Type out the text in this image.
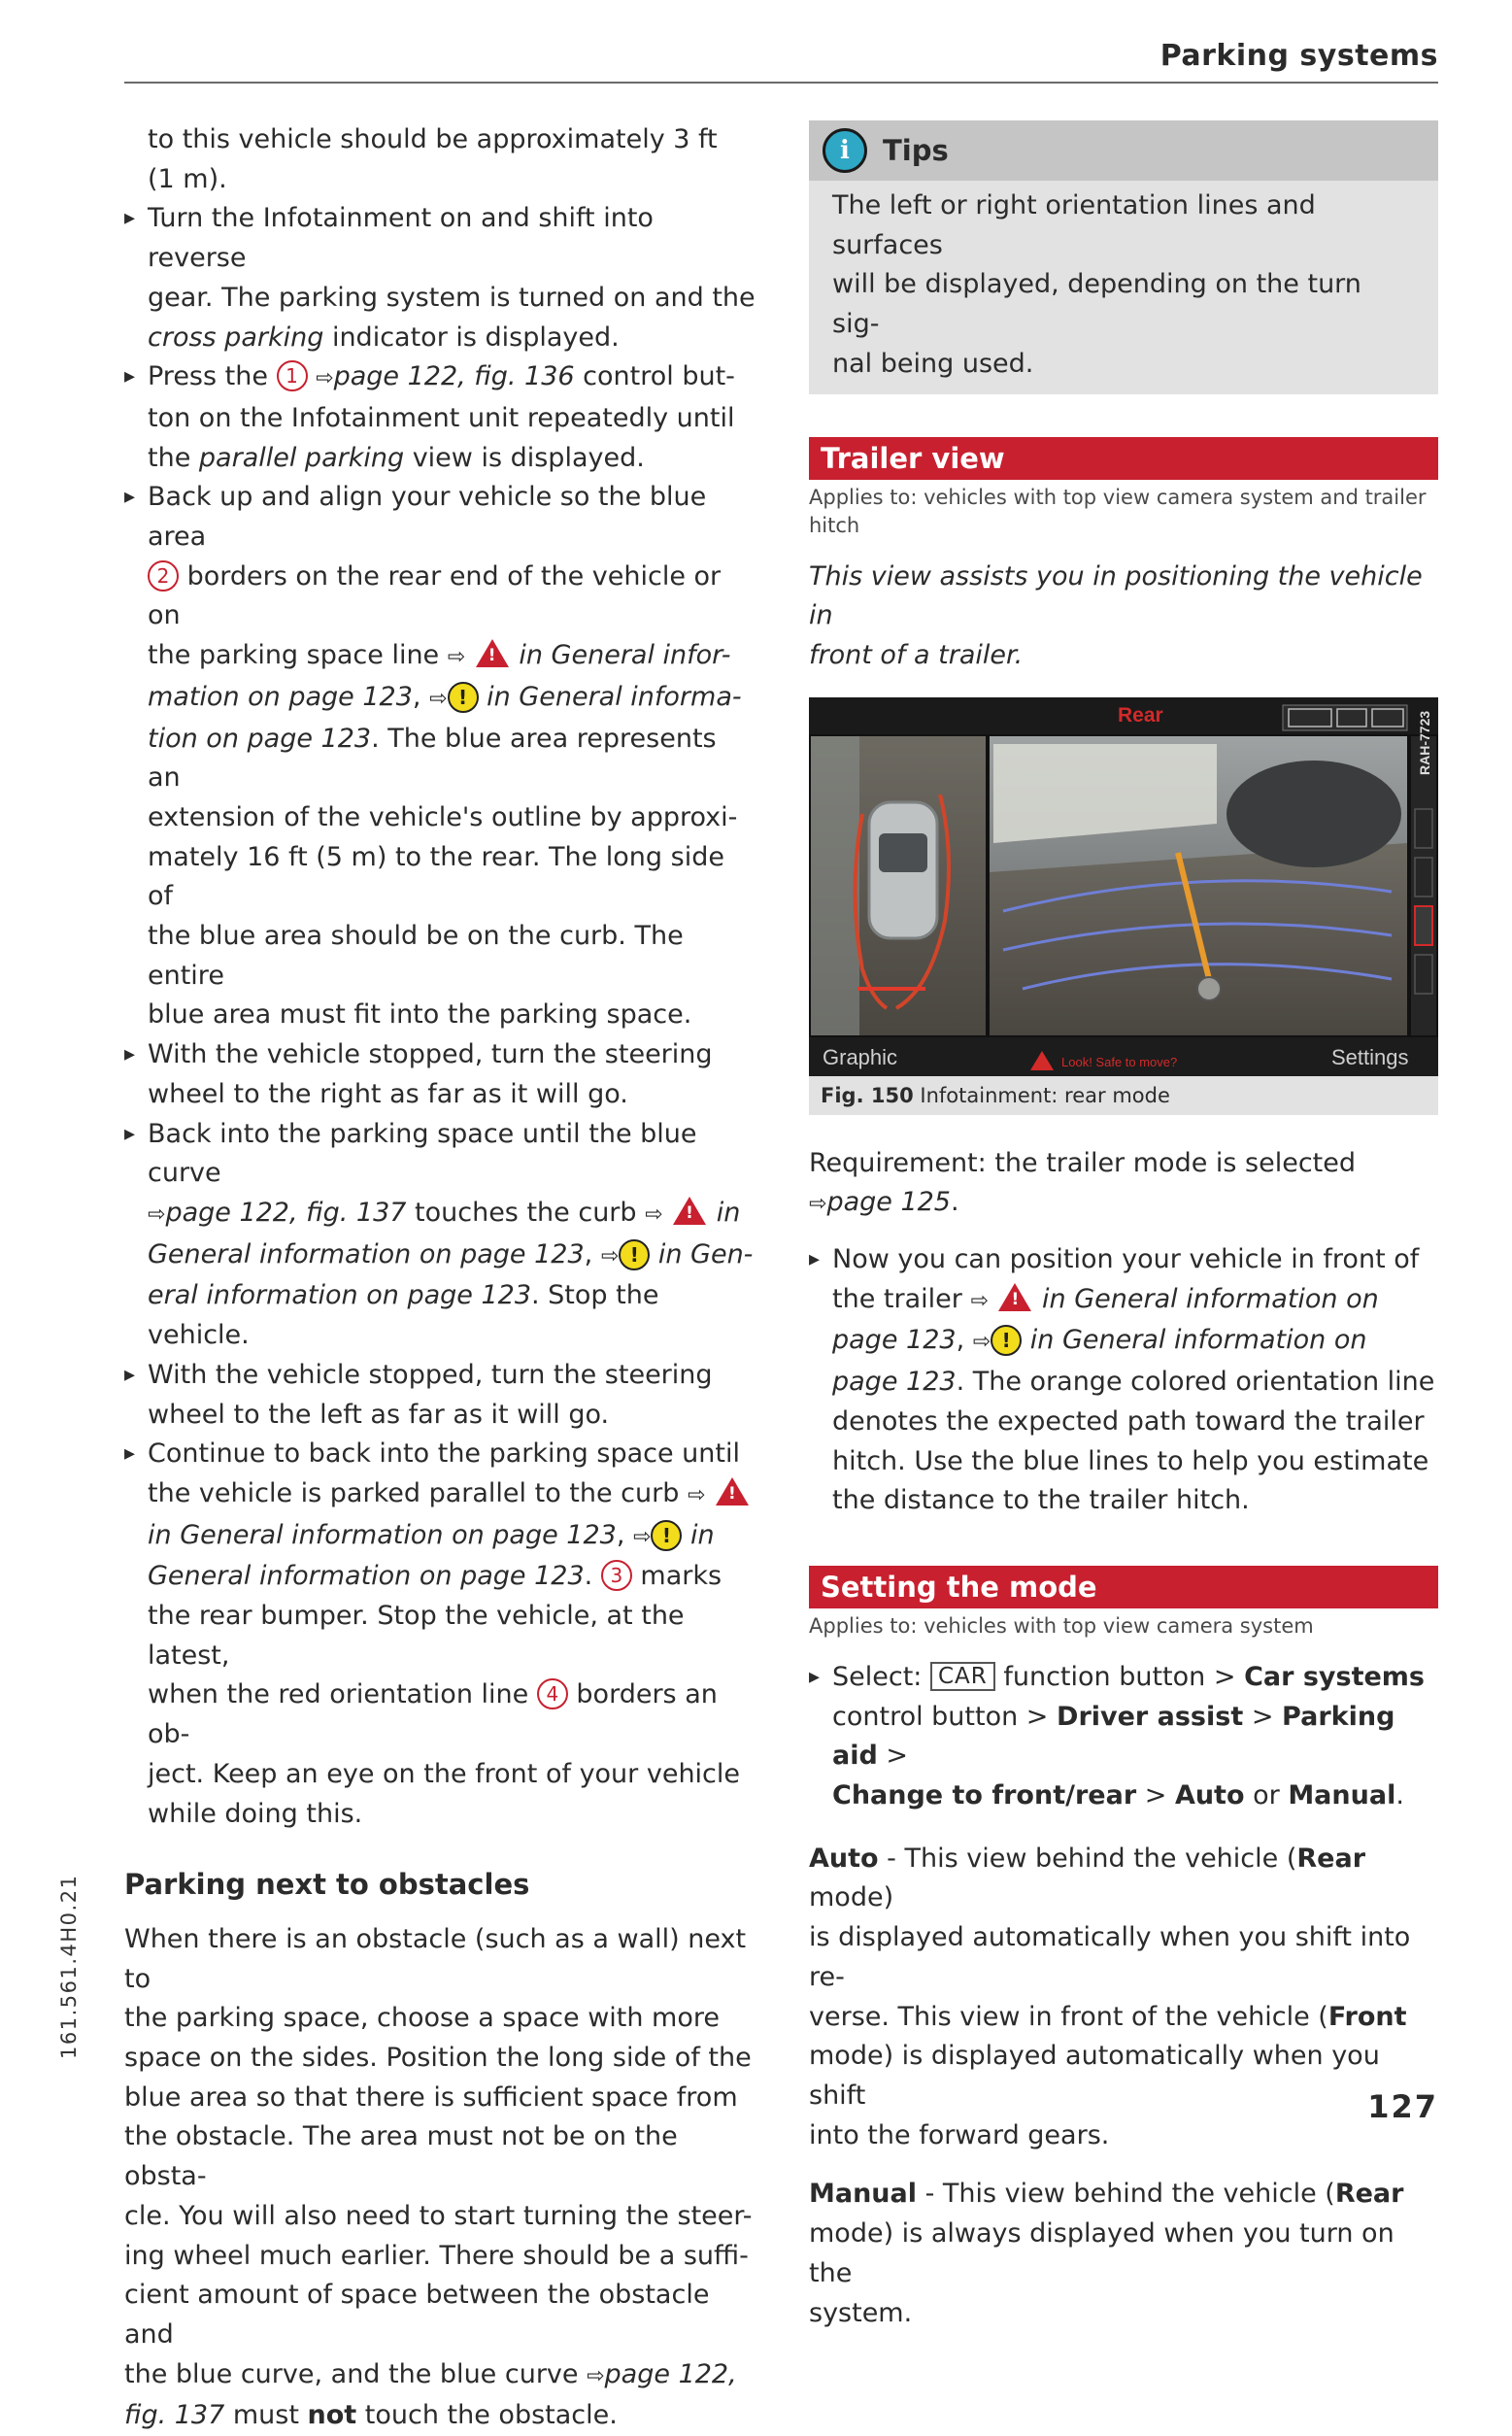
Parking systems
to this vehicle should be approximately 3 ft
(1 m).
▸ Turn the Infotainment on and shift into reverse
gear. The parking system is turned on and the
cross parking indicator is displayed.
▸ Press the 1 ⇨page 122, fig. 136 control but-
ton on the Infotainment unit repeatedly until
the parallel parking view is displayed.
▸ Back up and align your vehicle so the blue area
2 borders on the rear end of the vehicle or on
the parking space line ⇨ ! in General infor-
mation on page 123, ⇨ ! in General informa-
tion on page 123. The blue area represents an
extension of the vehicle's outline by approxi-
mately 16 ft (5 m) to the rear. The long side of
the blue area should be on the curb. The entire
blue area must fit into the parking space.
▸ With the vehicle stopped, turn the steering
wheel to the right as far as it will go.
▸ Back into the parking space until the blue curve
⇨page 122, fig. 137 touches the curb ⇨ ! in
General information on page 123, ⇨ ! in Gen-
eral information on page 123. Stop the vehicle.
▸ With the vehicle stopped, turn the steering
wheel to the left as far as it will go.
▸ Continue to back into the parking space until
the vehicle is parked parallel to the curb ⇨ !
in General information on page 123, ⇨ ! in
General information on page 123. 3 marks
the rear bumper. Stop the vehicle, at the latest,
when the red orientation line 4 borders an ob-
ject. Keep an eye on the front of your vehicle
while doing this.
Parking next to obstacles
When there is an obstacle (such as a wall) next to
the parking space, choose a space with more
space on the sides. Position the long side of the
blue area so that there is sufficient space from
the obstacle. The area must not be on the obsta-
cle. You will also need to start turning the steer-
ing wheel much earlier. There should be a suffi-
cient amount of space between the obstacle and
the blue curve, and the blue curve ⇨page 122,
fig. 137 must not touch the obstacle.
i	Tips
The left or right orientation lines and surfaces
will be displayed, depending on the turn sig-
nal being used.
Trailer view
Applies to: vehicles with top view camera system and trailer
hitch
This view assists you in positioning the vehicle in
front of a trailer.
Rear	RAH-7723
Graphic	Look! Safe to move?	Settings
Fig. 150 Infotainment: rear mode
Requirement: the trailer mode is selected
⇨page 125.
▸ Now you can position your vehicle in front of
the trailer ⇨ ! in General information on
page 123, ⇨ ! in General information on
page 123. The orange colored orientation line
denotes the expected path toward the trailer
hitch. Use the blue lines to help you estimate
the distance to the trailer hitch.
Setting the mode
Applies to: vehicles with top view camera system
▸ Select: CAR function button > Car systems
control button > Driver assist > Parking aid >
Change to front/rear > Auto or Manual.
Auto - This view behind the vehicle (Rear mode)
is displayed automatically when you shift into re-
verse. This view in front of the vehicle (Front
mode) is displayed automatically when you shift
into the forward gears.
Manual - This view behind the vehicle (Rear
mode) is always displayed when you turn on the
system.
161.561.4H0.21
127
